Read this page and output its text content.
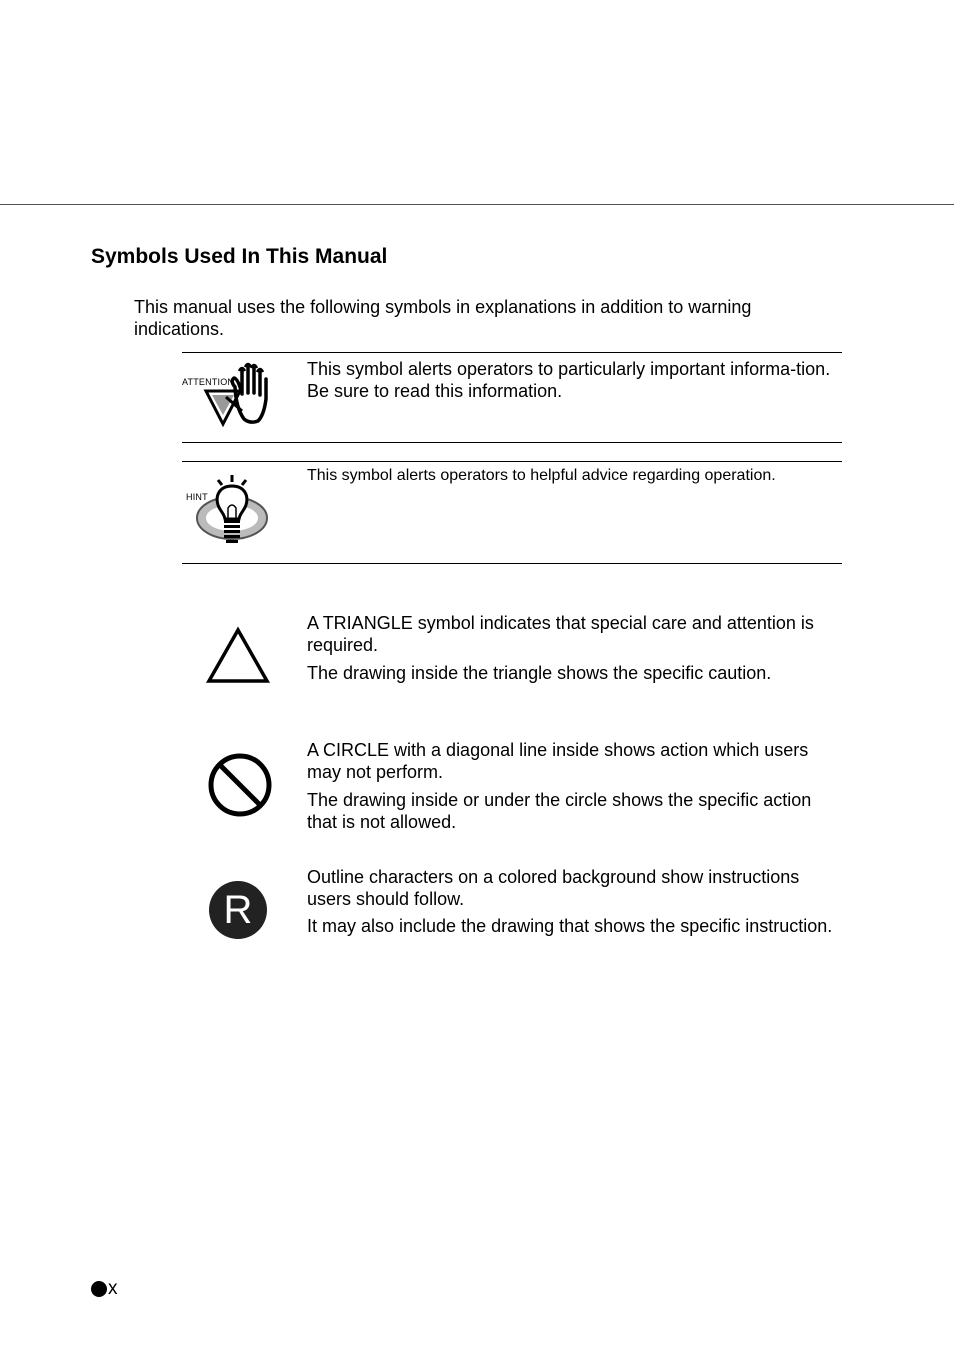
Symbols Used In This Manual

This manual uses the following symbols in explanations in addition to warning indications.

ATTENTION

This symbol alerts operators to particularly important informa-tion. Be sure to read this information.

HINT

This symbol alerts operators to helpful advice regarding operation.

A TRIANGLE symbol indicates that special care and attention is required.

The drawing inside the triangle shows the specific caution.

A CIRCLE with a diagonal line inside shows action which users may not perform.

The drawing inside or under the circle shows the specific action that is not allowed.

R

Outline characters on a colored background show instructions users should follow.

It may also include the drawing that shows the specific instruction.

x
